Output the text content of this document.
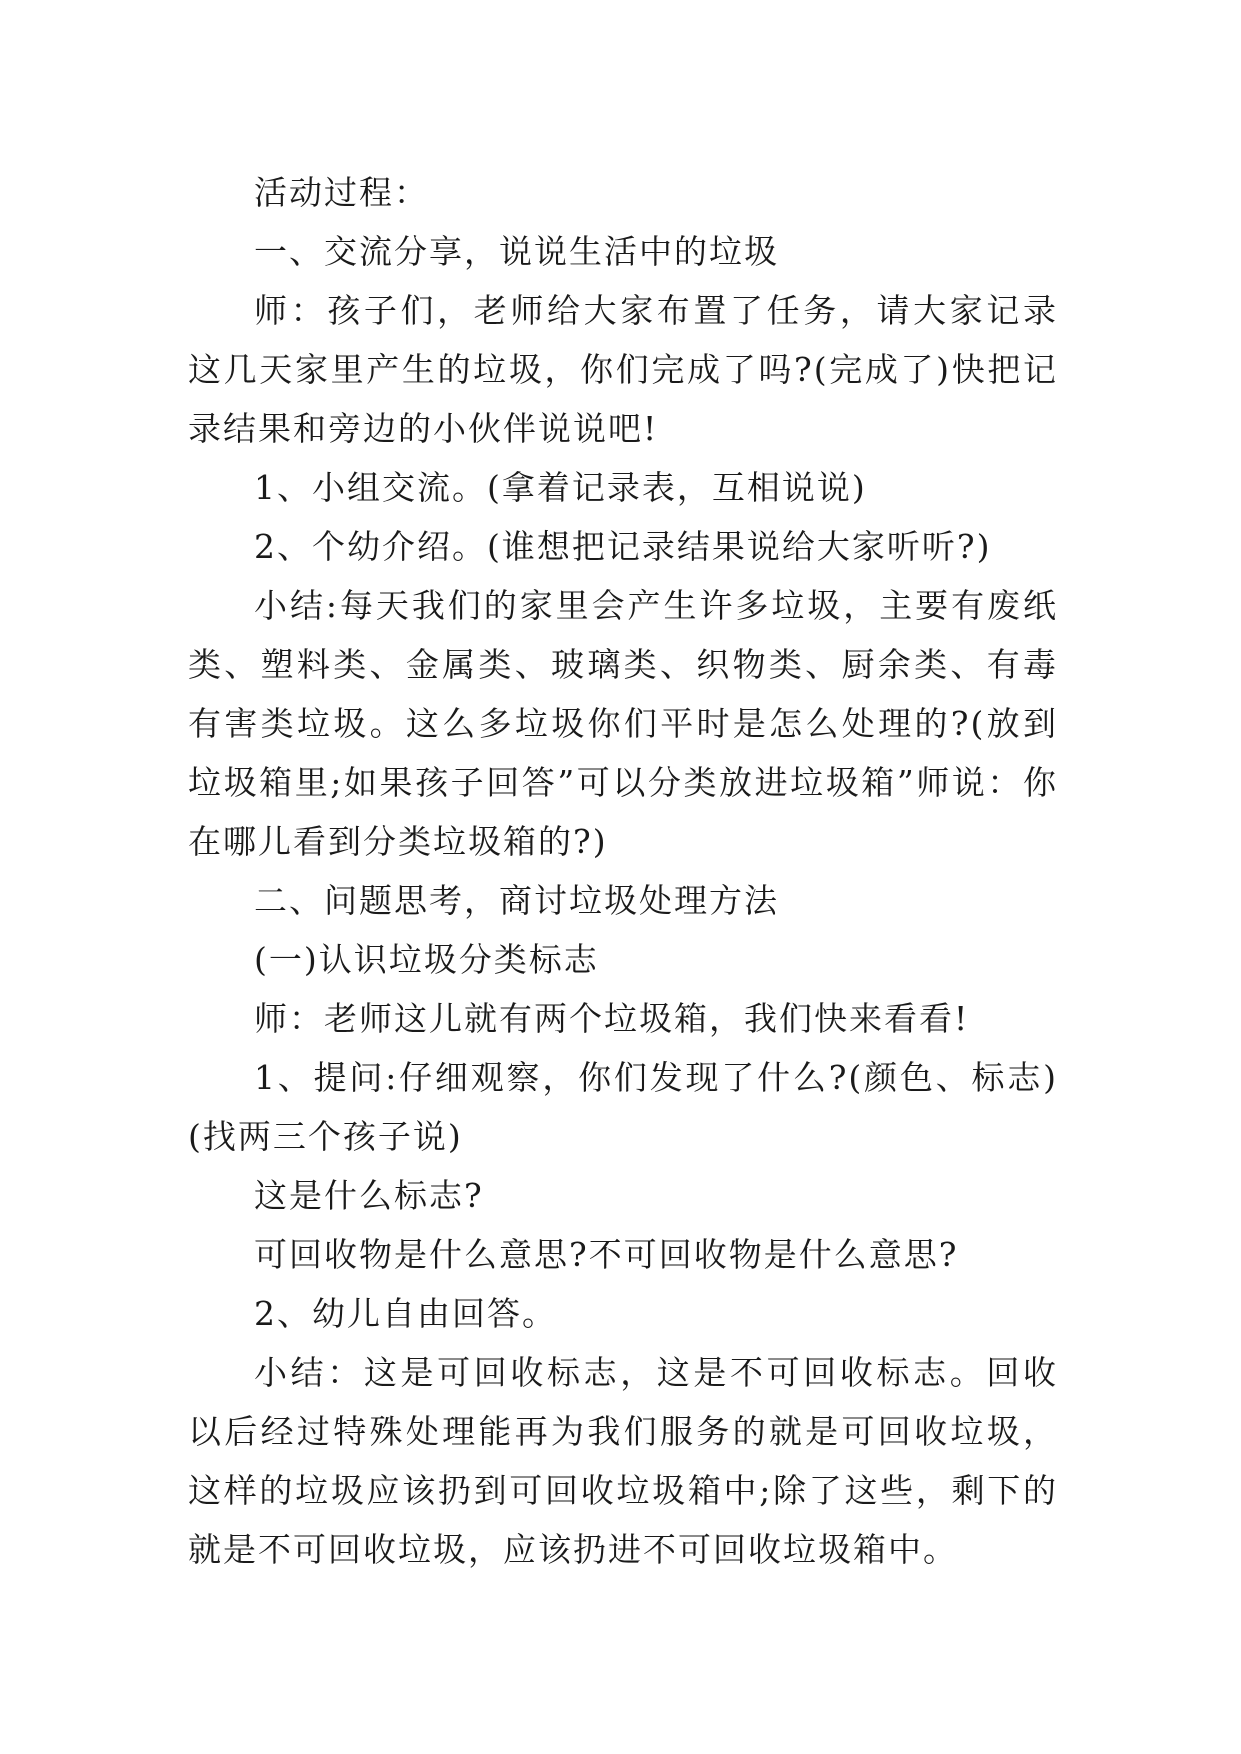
活动过程：

一、交流分享，说说生活中的垃圾

师：孩子们，老师给大家布置了任务，请大家记录这几天家里产生的垃圾，你们完成了吗?(完成了)快把记录结果和旁边的小伙伴说说吧!

1、小组交流。(拿着记录表，互相说说)

2、个幼介绍。(谁想把记录结果说给大家听听?)

小结:每天我们的家里会产生许多垃圾，主要有废纸类、塑料类、金属类、玻璃类、织物类、厨余类、有毒有害类垃圾。这么多垃圾你们平时是怎么处理的?(放到垃圾箱里;如果孩子回答”可以分类放进垃圾箱”师说：你在哪儿看到分类垃圾箱的?)

二、问题思考，商讨垃圾处理方法

(一)认识垃圾分类标志

师：老师这儿就有两个垃圾箱，我们快来看看!

1、提问:仔细观察，你们发现了什么?(颜色、标志)(找两三个孩子说)

这是什么标志?

可回收物是什么意思?不可回收物是什么意思?

2、幼儿自由回答。

小结：这是可回收标志，这是不可回收标志。回收以后经过特殊处理能再为我们服务的就是可回收垃圾，这样的垃圾应该扔到可回收垃圾箱中;除了这些，剩下的就是不可回收垃圾，应该扔进不可回收垃圾箱中。
